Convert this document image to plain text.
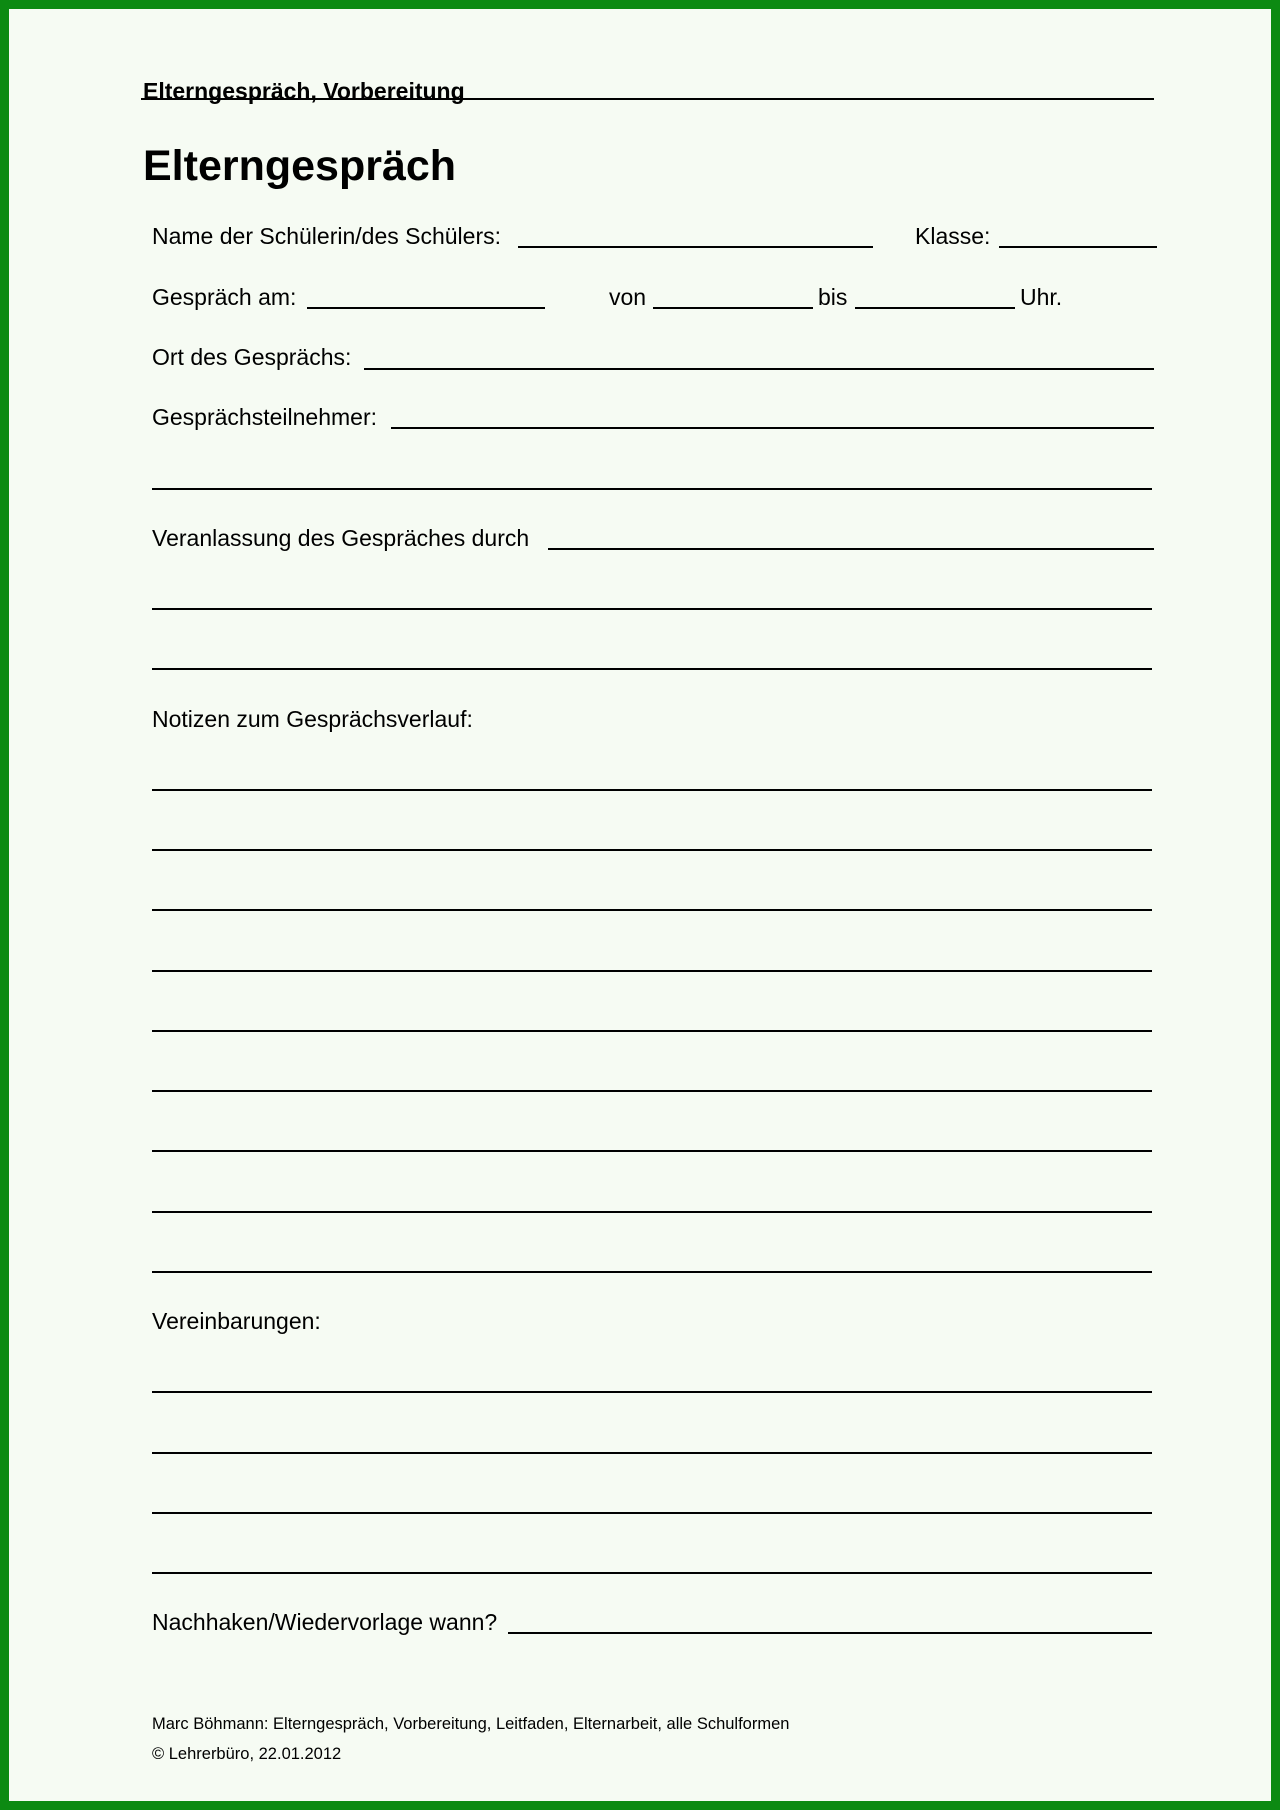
Elterngespräch, Vorbereitung
Elterngespräch
Name der Schülerin/des Schülers:	Klasse:
Gespräch am:	von	bis	Uhr.
Ort des Gesprächs:
Gesprächsteilnehmer:
Veranlassung des Gespräches durch
Notizen zum Gesprächsverlauf:
Vereinbarungen:
Nachhaken/Wiedervorlage wann?
Marc Böhmann: Elterngespräch, Vorbereitung, Leitfaden, Elternarbeit, alle Schulformen
© Lehrerbüro, 22.01.2012
